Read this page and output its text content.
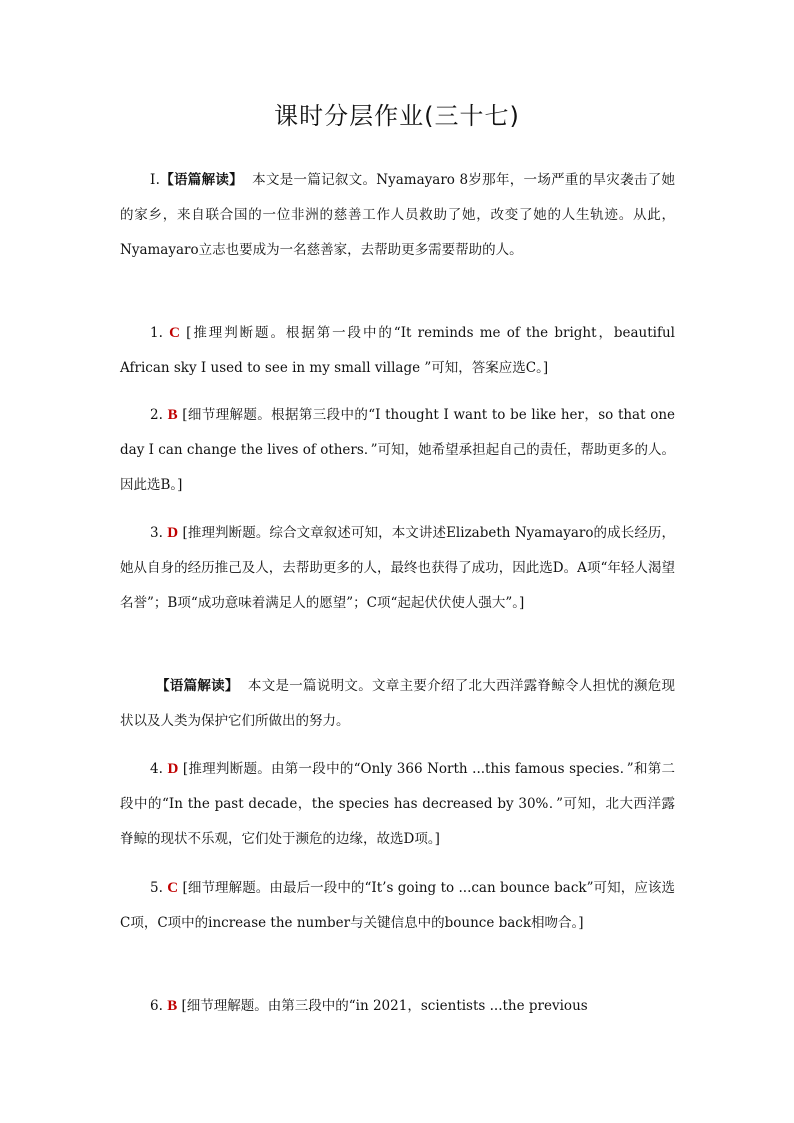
课时分层作业(三十七)
Ⅰ.【语篇解读】 本文是一篇记叙文。Nyamayaro 8岁那年，一场严重的旱灾袭击了她的家乡，来自联合国的一位非洲的慈善工作人员救助了她，改变了她的人生轨迹。从此，Nyamayaro立志也要成为一名慈善家，去帮助更多需要帮助的人。
1. C [推理判断题。根据第一段中的“It reminds me of the bright，beautiful African sky I used to see in my small village ”可知，答案应选C。]
2. B [细节理解题。根据第三段中的“I thought I want to be like her，so that one day I can change the lives of others．”可知，她希望承担起自己的责任，帮助更多的人。因此选B。]
3. D [推理判断题。综合文章叙述可知，本文讲述Elizabeth Nyamayaro的成长经历，她从自身的经历推己及人，去帮助更多的人，最终也获得了成功，因此选D。A项“年轻人渴望名誉”；B项“成功意味着满足人的愿望”；C项“起起伏伏使人强大”。]
【语篇解读】 本文是一篇说明文。文章主要介绍了北大西洋露脊鲸令人担忧的濒危现状以及人类为保护它们所做出的努力。
4. D [推理判断题。由第一段中的“Only 366 North ...this famous species．”和第二段中的“In the past decade，the species has decreased by 30%．”可知，北大西洋露脊鲸的现状不乐观，它们处于濒危的边缘，故选D项。]
5. C [细节理解题。由最后一段中的“It’s going to ...can bounce back”可知，应该选C项，C项中的increase the number与关键信息中的bounce back相吻合。]
6. B [细节理解题。由第三段中的“in 2021，scientists ...the previous
